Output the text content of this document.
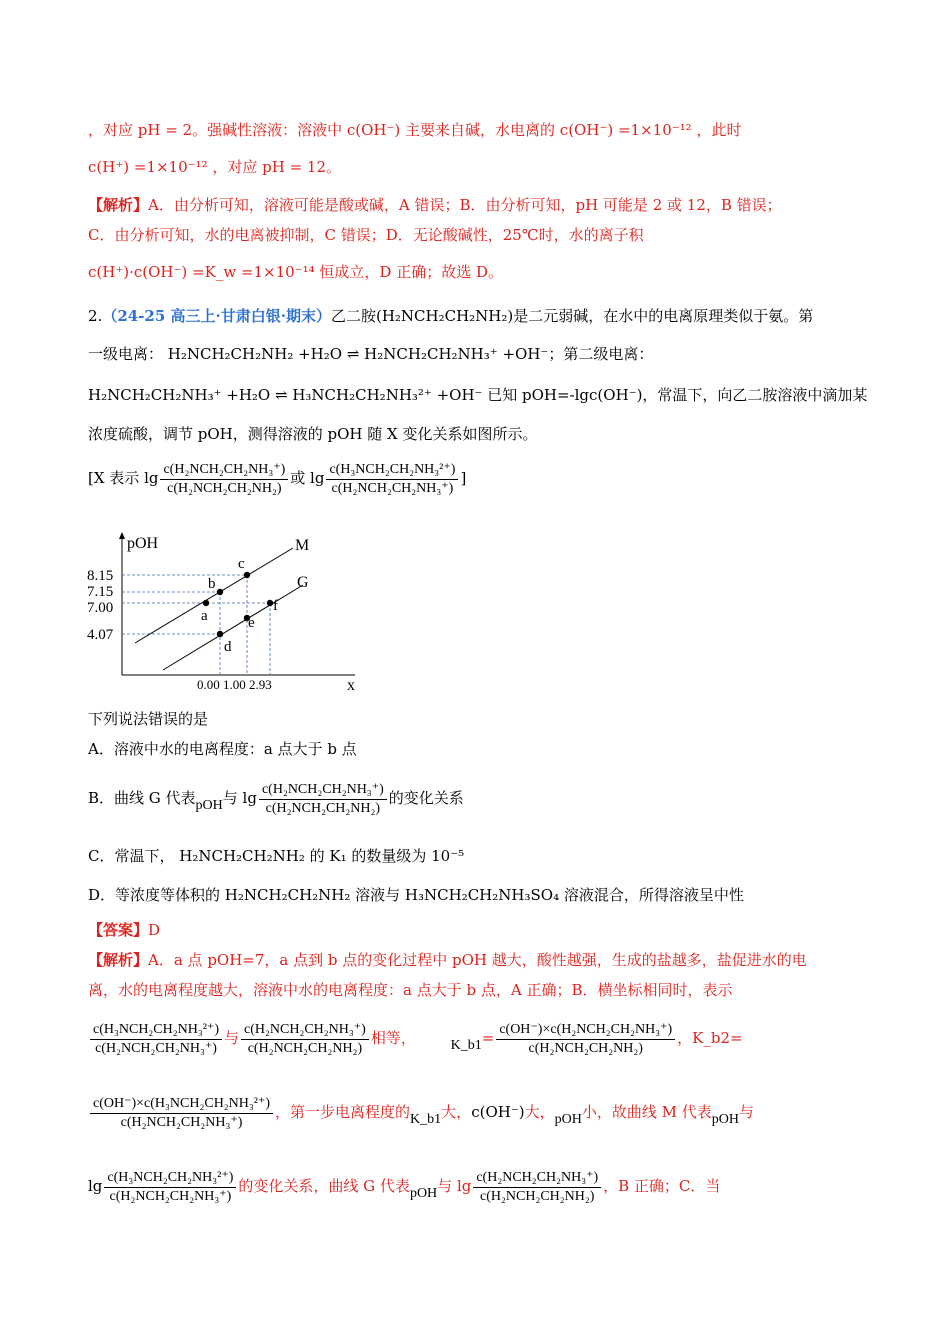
，对应 pH = 2。强碱性溶液：溶液中 c(OH⁻) 主要来自碱，水电离的 c(OH⁻) =1×10⁻¹² ，此时
c(H⁺) =1×10⁻¹² ，对应 pH = 12。
【解析】A．由分析可知，溶液可能是酸或碱，A 错误；B．由分析可知，pH 可能是 2 或 12，B 错误；
C．由分析可知，水的电离被抑制，C 错误；D．无论酸碱性，25℃时，水的离子积
c(H⁺)·c(OH⁻) =K_w =1×10⁻¹⁴ 恒成立，D 正确；故选 D。
2.（24-25 高三上·甘肃白银·期末）乙二胺(H₂NCH₂CH₂NH₂)是二元弱碱，在水中的电离原理类似于氨。第
一级电离： H₂NCH₂CH₂NH₂ +H₂O ⇌ H₂NCH₂CH₂NH₃⁺ +OH⁻；第二级电离：
H₂NCH₂CH₂NH₃⁺ +H₂O ⇌ H₃NCH₂CH₂NH₃²⁺ +OH⁻ 已知 pOH=-lgc(OH⁻)，常温下，向乙二胺溶液中滴加某
浓度硫酸，调节 pOH，测得溶液的 pOH 随 X 变化关系如图所示。
[X 表示 $\lg \frac{\text{c(H₂NCH₂CH₂NH₃⁺)}}{\text{c(H₂NCH₂CH₂NH₂)}}$ 或 $\lg \frac{\text{c(H₃NCH₂CH₂NH₃²⁺)}}{\text{c(H₂NCH₂CH₂NH₃⁺)}}$ ]
pOH
x
M
G
a
b
c
d
e
f
8.15
7.15
7.00
4.07
0.00 1.00 2.93
下列说法错误的是
A．溶液中水的电离程度：a 点大于 b 点
B．曲线 G 代表pOH与 $\lg \frac{\text{c(H₂NCH₂CH₂NH₃⁺)}}{\text{c(H₂NCH₂CH₂NH₂)}}$ 的变化关系
C．常温下， H₂NCH₂CH₂NH₂ 的 K₁ 的数量级为 10⁻⁵
D．等浓度等体积的 H₂NCH₂CH₂NH₂ 溶液与 H₃NCH₂CH₂NH₃SO₄ 溶液混合，所得溶液呈中性
【答案】D
【解析】A．a 点 pOH=7，a 点到 b 点的变化过程中 pOH 越大，酸性越强，生成的盐越多，盐促进水的电
离，水的电离程度越大，溶液中水的电离程度：a 点大于 b 点，A 正确；B．横坐标相同时，表示
$\frac{\text{c(H₃NCH₂CH₂NH₃²⁺)}}{\text{c(H₂NCH₂CH₂NH₃⁺)}}$ 与 $\frac{\text{c(H₂NCH₂CH₂NH₃⁺)}}{\text{c(H₂NCH₂CH₂NH₂)}}$ 相等， K_b1= $\frac{\text{c(OH⁻)×c(H₂NCH₂CH₂NH₃⁺)}}{\text{c(H₂NCH₂CH₂NH₂)}}$ ，K_b2=
$\frac{\text{c(OH⁻)×c(H₃NCH₂CH₂NH₃²⁺)}}{\text{c(H₂NCH₂CH₂NH₃⁺)}}$ ，第一步电离程度的K_b1大，c(OH⁻)大，pOH小，故曲线 M 代表pOH与
$\lg \frac{\text{c(H₃NCH₂CH₂NH₃²⁺)}}{\text{c(H₂NCH₂CH₂NH₃⁺)}}$ 的变化关系，曲线 G 代表pOH与 $\lg \frac{\text{c(H₂NCH₂CH₂NH₃⁺)}}{\text{c(H₂NCH₂CH₂NH₂)}}$ ，B 正确；C．当
